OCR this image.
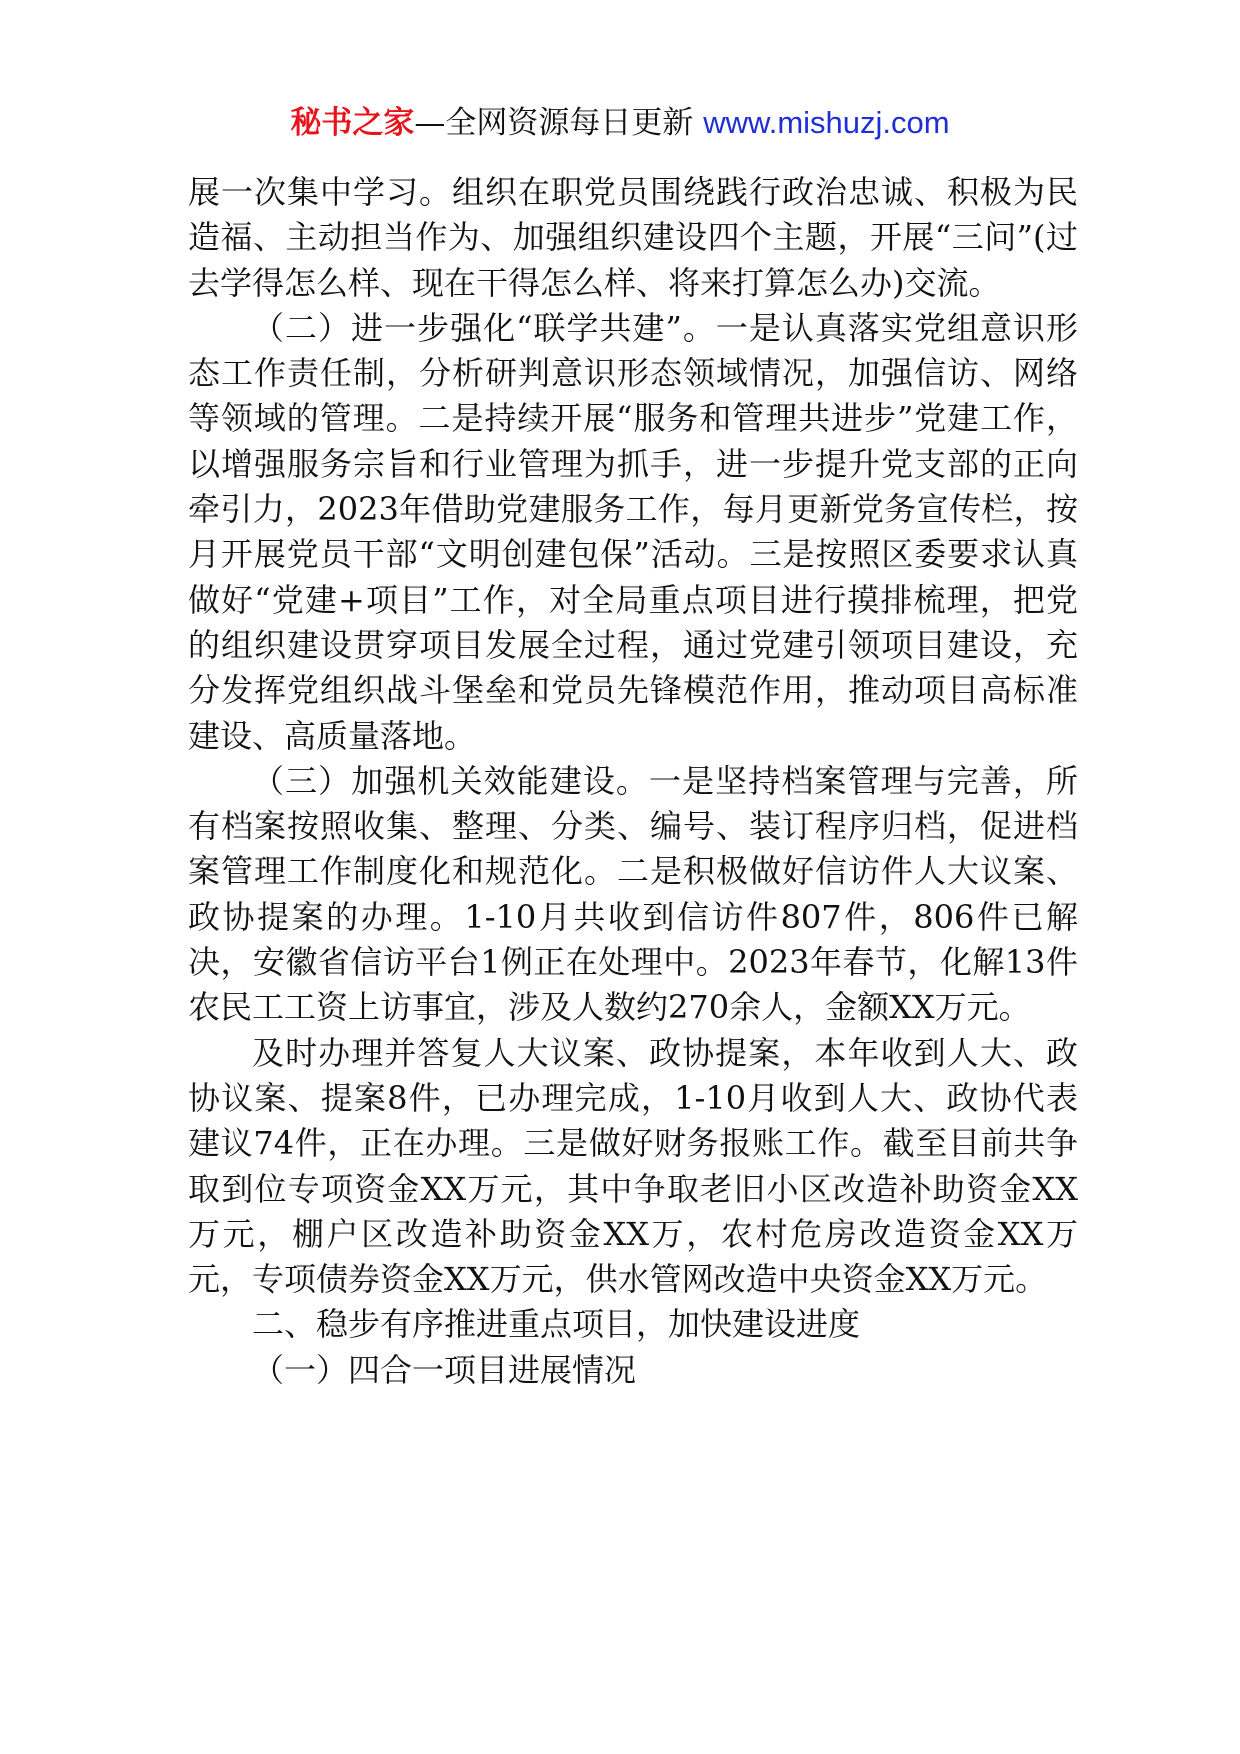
秘书之家—全网资源每日更新 www.mishuzj.com

展一次集中学习。组织在职党员围绕践行政治忠诚、积极为民造福、主动担当作为、加强组织建设四个主题，开展“三问”(过去学得怎么样、现在干得怎么样、将来打算怎么办)交流。

（二）进一步强化“联学共建”。一是认真落实党组意识形态工作责任制，分析研判意识形态领域情况，加强信访、网络等领域的管理。二是持续开展“服务和管理共进步”党建工作，以增强服务宗旨和行业管理为抓手，进一步提升党支部的正向牵引力，2023年借助党建服务工作，每月更新党务宣传栏，按月开展党员干部“文明创建包保”活动。三是按照区委要求认真做好“党建+项目”工作，对全局重点项目进行摸排梳理，把党的组织建设贯穿项目发展全过程，通过党建引领项目建设，充分发挥党组织战斗堡垒和党员先锋模范作用，推动项目高标准建设、高质量落地。

（三）加强机关效能建设。一是坚持档案管理与完善，所有档案按照收集、整理、分类、编号、装订程序归档，促进档案管理工作制度化和规范化。二是积极做好信访件人大议案、政协提案的办理。1-10月共收到信访件807件，806件已解决，安徽省信访平台1例正在处理中。2023年春节，化解13件农民工工资上访事宜，涉及人数约270余人，金额XX万元。

及时办理并答复人大议案、政协提案，本年收到人大、政协议案、提案8件，已办理完成，1-10月收到人大、政协代表建议74件，正在办理。三是做好财务报账工作。截至目前共争取到位专项资金XX万元，其中争取老旧小区改造补助资金XX万元，棚户区改造补助资金XX万，农村危房改造资金XX万元，专项债券资金XX万元，供水管网改造中央资金XX万元。

二、稳步有序推进重点项目，加快建设进度

（一）四合一项目进展情况
